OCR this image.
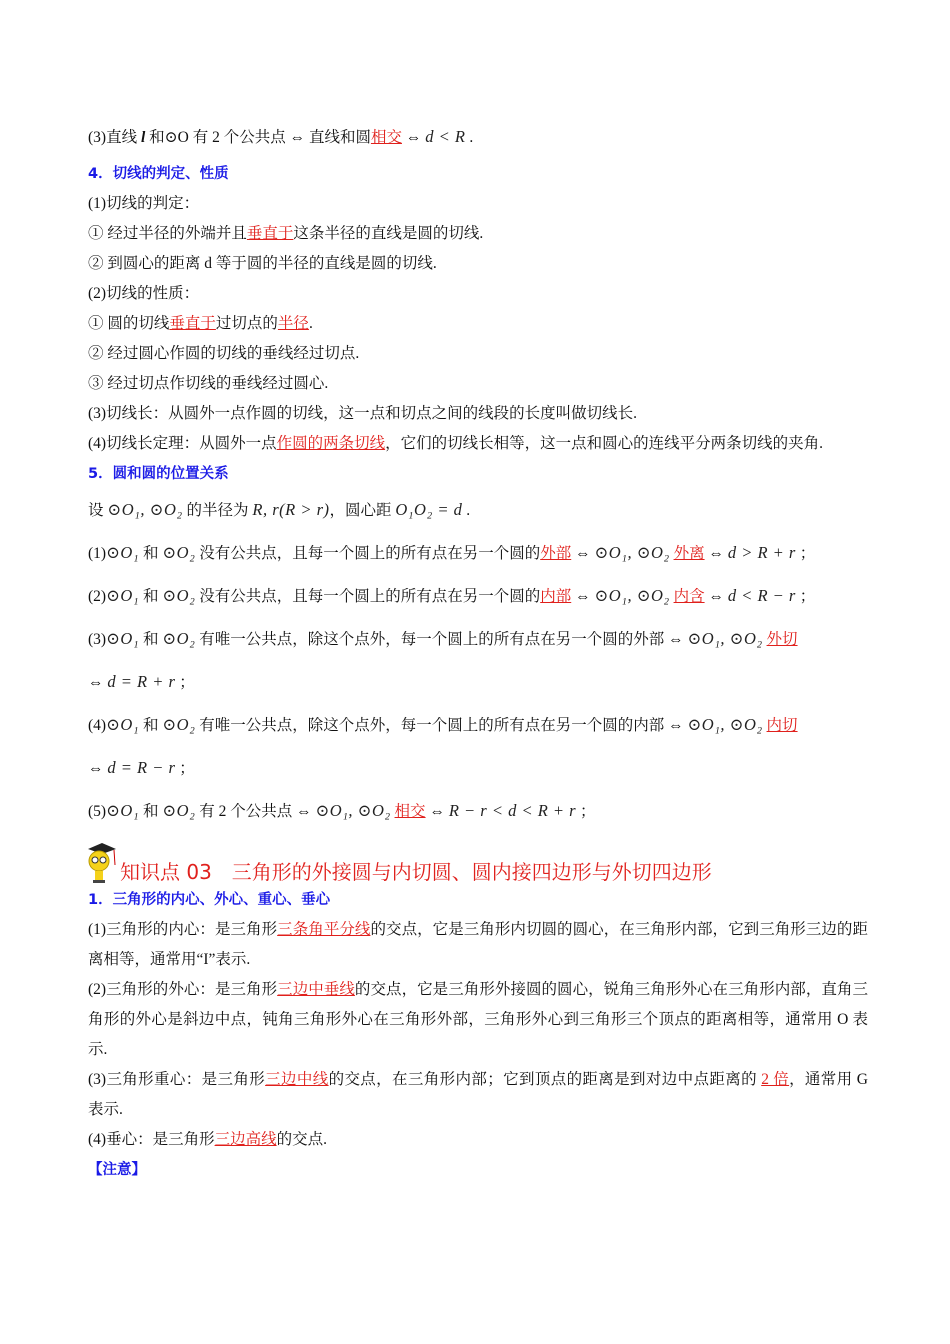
(3)直线 l 和⊙O 有 2 个公共点 ⇔ 直线和圆相交 ⇔ d < R .
4．切线的判定、性质
(1)切线的判定：
① 经过半径的外端并且垂直于这条半径的直线是圆的切线.
② 到圆心的距离 d 等于圆的半径的直线是圆的切线.
(2)切线的性质：
① 圆的切线垂直于过切点的半径.
② 经过圆心作圆的切线的垂线经过切点.
③ 经过切点作切线的垂线经过圆心.
(3)切线长：从圆外一点作圆的切线，这一点和切点之间的线段的长度叫做切线长.
(4)切线长定理：从圆外一点作圆的两条切线，它们的切线长相等，这一点和圆心的连线平分两条切线的夹角.
5．圆和圆的位置关系
设 ⊙O₁, ⊙O₂ 的半径为 R, r(R > r)，圆心距 O₁O₂ = d .
(1)⊙O₁ 和 ⊙O₂ 没有公共点，且每一个圆上的所有点在另一个圆的外部 ⇔ ⊙O₁, ⊙O₂ 外离 ⇔ d > R + r ；
(2)⊙O₁ 和 ⊙O₂ 没有公共点，且每一个圆上的所有点在另一个圆的内部 ⇔ ⊙O₁, ⊙O₂ 内含 ⇔ d < R − r ；
(3)⊙O₁ 和 ⊙O₂ 有唯一公共点，除这个点外，每一个圆上的所有点在另一个圆的外部 ⇔ ⊙O₁, ⊙O₂ 外切
⇔ d = R + r ；
(4)⊙O₁ 和 ⊙O₂ 有唯一公共点，除这个点外，每一个圆上的所有点在另一个圆的内部 ⇔ ⊙O₁, ⊙O₂ 内切
⇔ d = R − r ；
(5)⊙O₁ 和 ⊙O₂ 有 2 个公共点 ⇔ ⊙O₁, ⊙O₂ 相交 ⇔ R − r < d < R + r ；
知识点 03　三角形的外接圆与内切圆、圆内接四边形与外切四边形
1．三角形的内心、外心、重心、垂心
(1)三角形的内心：是三角形三条角平分线的交点，它是三角形内切圆的圆心，在三角形内部，它到三角形三边的距离相等，通常用“I”表示.
(2)三角形的外心：是三角形三边中垂线的交点，它是三角形外接圆的圆心，锐角三角形外心在三角形内部，直角三角形的外心是斜边中点，钝角三角形外心在三角形外部，三角形外心到三角形三个顶点的距离相等，通常用 O 表示.
(3)三角形重心：是三角形三边中线的交点，在三角形内部；它到顶点的距离是到对边中点距离的 2 倍，通常用 G 表示.
(4)垂心：是三角形三边高线的交点.
【注意】
